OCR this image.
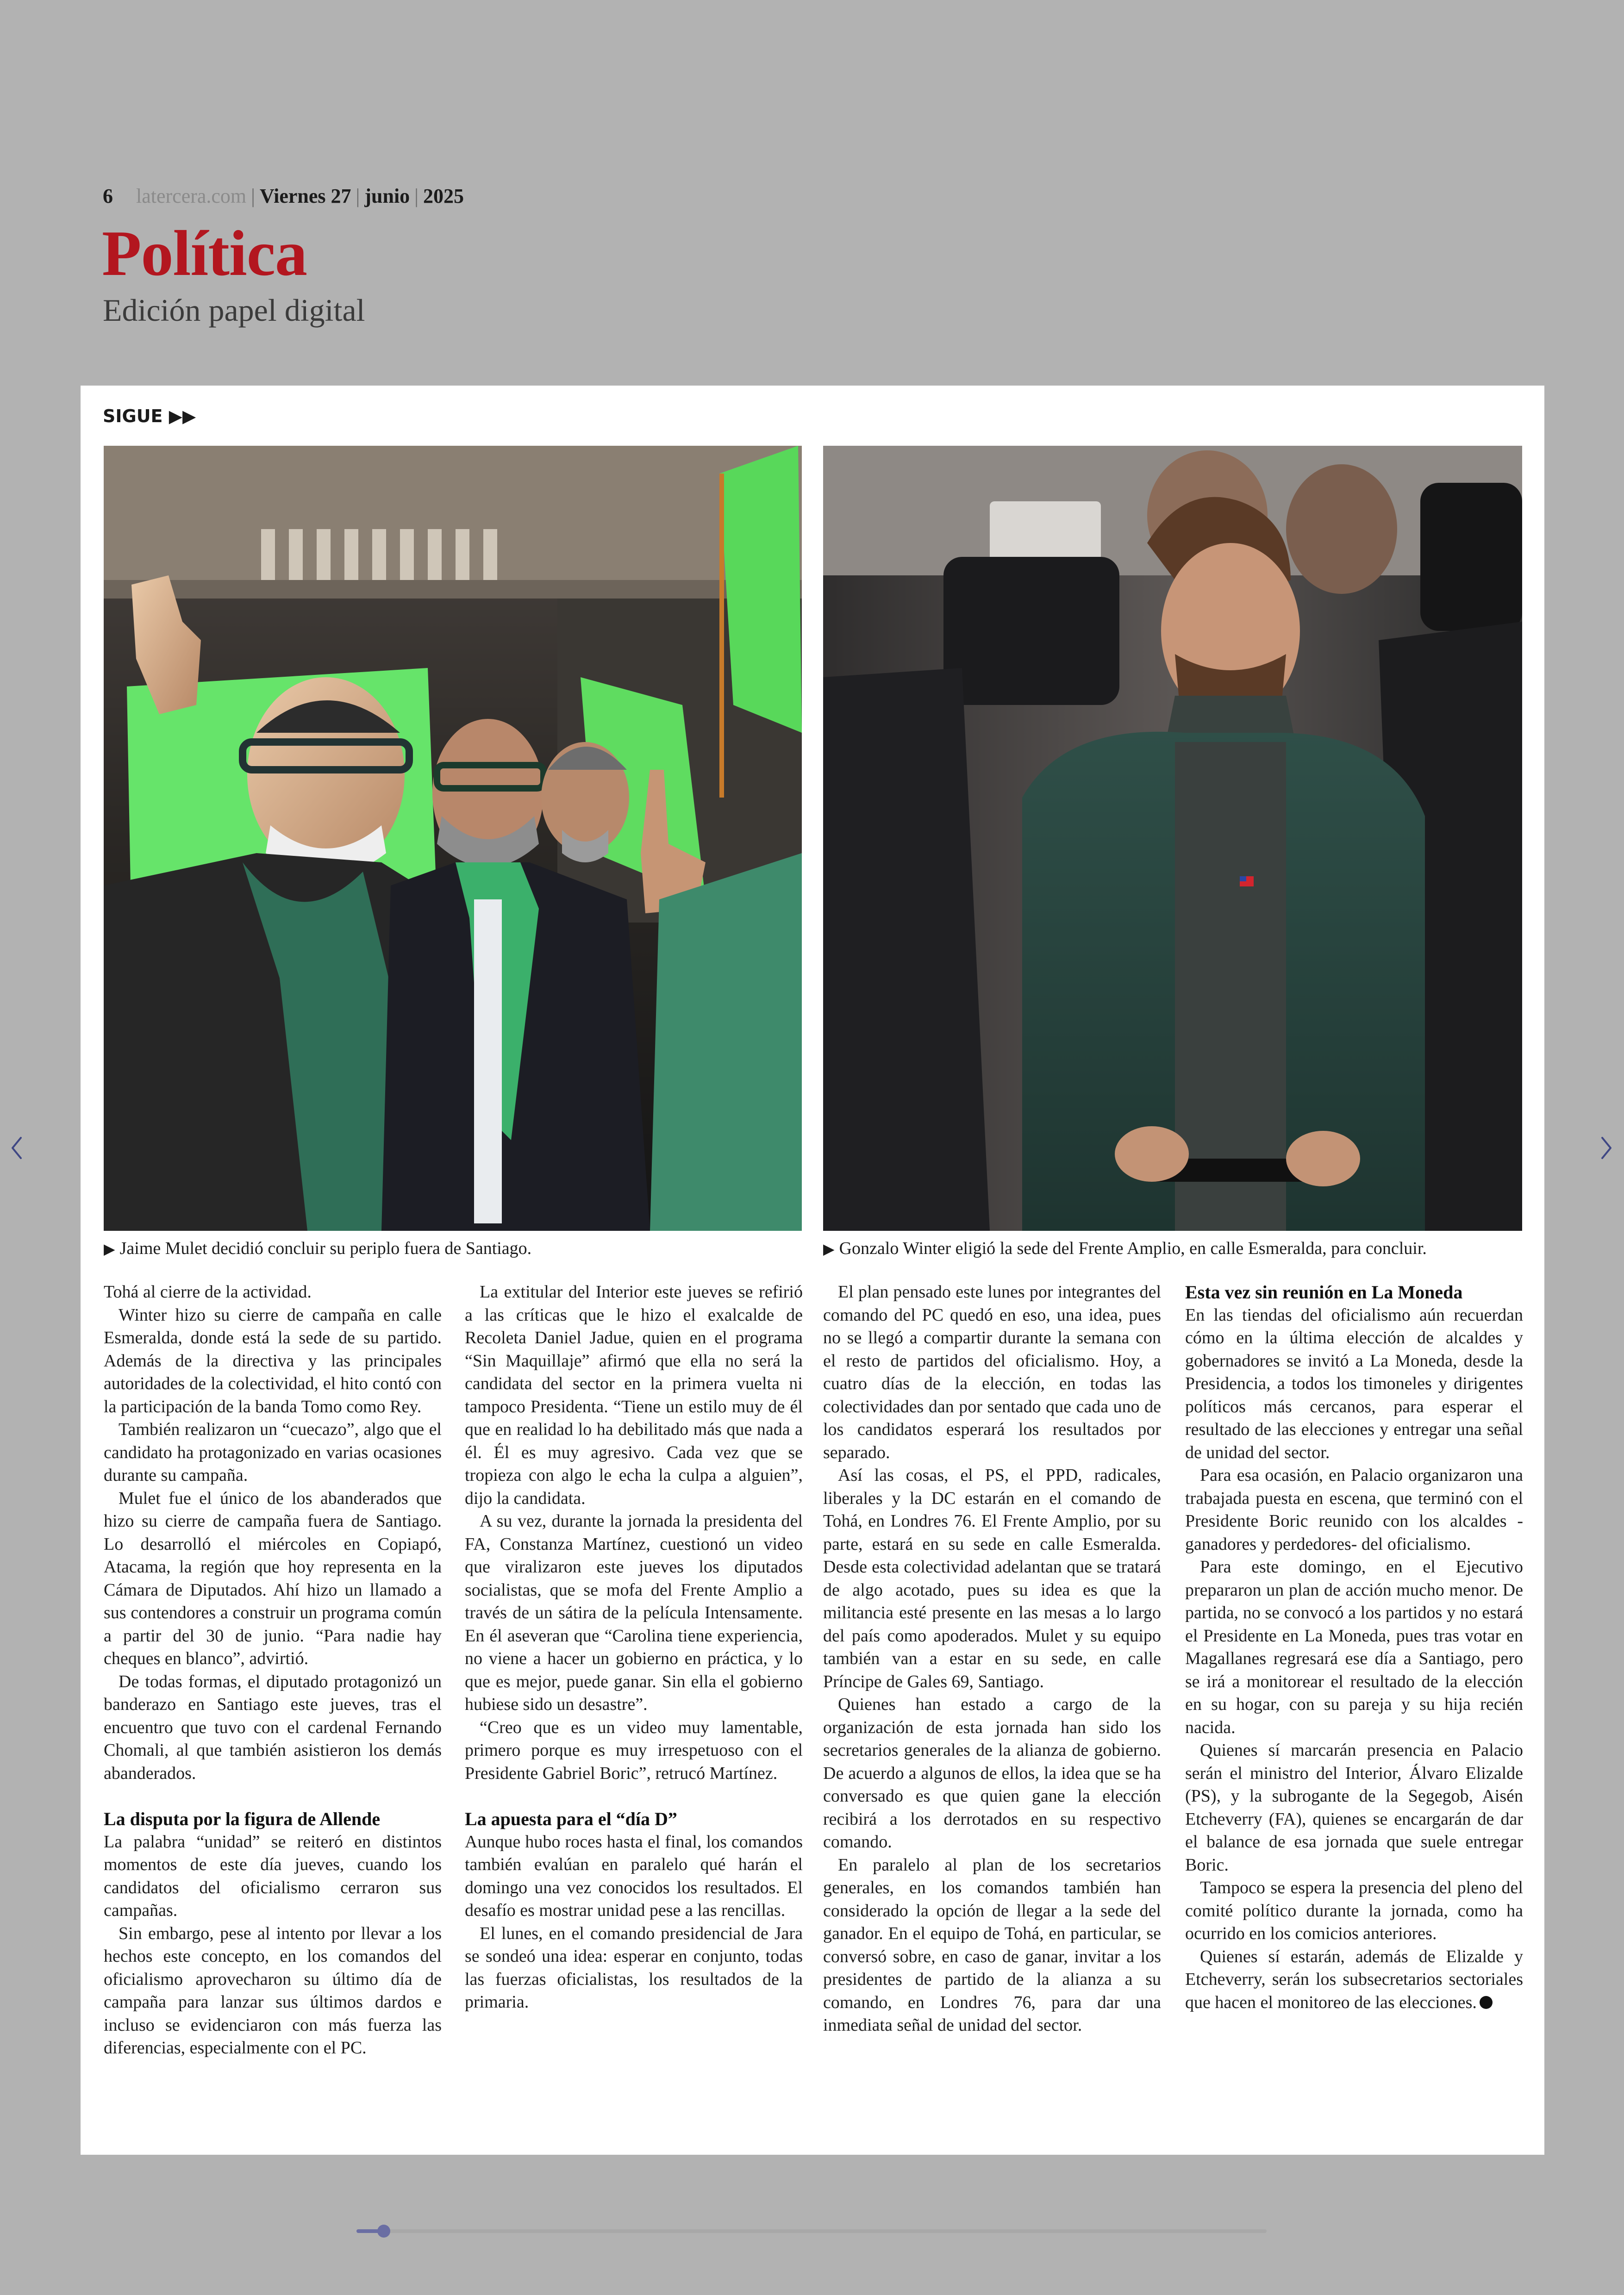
6 latercera.com | Viernes 27 | junio | 2025
Política
Edición papel digital
SIGUE ▶▶
▶ Jaime Mulet decidió concluir su periplo fuera de Santiago.	▶ Gonzalo Winter eligió la sede del Frente Amplio, en calle Esmeralda, para concluir.

Tohá al cierre de la actividad.

Winter hizo su cierre de campaña en calle Esmeralda, donde está la sede de su partido. Además de la directiva y las principales autoridades de la colectividad, el hito contó con la participación de la banda Tomo como Rey.

También realizaron un “cuecazo”, algo que el candidato ha protagonizado en varias ocasiones durante su campaña.

Mulet fue el único de los abanderados que hizo su cierre de campaña fuera de Santiago. Lo desarrolló el miércoles en Copiapó, Atacama, la región que hoy representa en la Cámara de Diputados. Ahí hizo un llamado a sus contendores a construir un programa común a partir del 30 de junio. “Para nadie hay cheques en blanco”, advirtió.

De todas formas, el diputado protagonizó un banderazo en Santiago este jueves, tras el encuentro que tuvo con el cardenal Fernando Chomali, al que también asistieron los demás abanderados.

La disputa por la figura de Allende

La palabra “unidad” se reiteró en distintos momentos de este día jueves, cuando los candidatos del oficialismo cerraron sus campañas.

Sin embargo, pese al intento por llevar a los hechos este concepto, en los comandos del oficialismo aprovecharon su último día de campaña para lanzar sus últimos dardos e incluso se evidenciaron con más fuerza las diferencias, especialmente con el PC.

La extitular del Interior este jueves se refirió a las críticas que le hizo el exalcalde de Recoleta Daniel Jadue, quien en el programa “Sin Maquillaje” afirmó que ella no será la candidata del sector en la primera vuelta ni tampoco Presidenta. “Tiene un estilo muy de él que en realidad lo ha debilitado más que nada a él. Él es muy agresivo. Cada vez que se tropieza con algo le echa la culpa a alguien”, dijo la candidata.

A su vez, durante la jornada la presidenta del FA, Constanza Martínez, cuestionó un video que viralizaron este jueves los diputados socialistas, que se mofa del Frente Amplio a través de un sátira de la película Intensamente. En él aseveran que “Carolina tiene experiencia, no viene a hacer un gobierno en práctica, y lo que es mejor, puede ganar. Sin ella el gobierno hubiese sido un desastre”.

“Creo que es un video muy lamentable, primero porque es muy irrespetuoso con el Presidente Gabriel Boric”, retrucó Martínez.

La apuesta para el “día D”

Aunque hubo roces hasta el final, los comandos también evalúan en paralelo qué harán el domingo una vez conocidos los resultados. El desafío es mostrar unidad pese a las rencillas.

El lunes, en el comando presidencial de Jara se sondeó una idea: esperar en conjunto, todas las fuerzas oficialistas, los resultados de la primaria.

El plan pensado este lunes por integrantes del comando del PC quedó en eso, una idea, pues no se llegó a compartir durante la semana con el resto de partidos del oficialismo. Hoy, a cuatro días de la elección, en todas las colectividades dan por sentado que cada uno de los candidatos esperará los resultados por separado.

Así las cosas, el PS, el PPD, radicales, liberales y la DC estarán en el comando de Tohá, en Londres 76. El Frente Amplio, por su parte, estará en su sede en calle Esmeralda. Desde esta colectividad adelantan que se tratará de algo acotado, pues su idea es que la militancia esté presente en las mesas a lo largo del país como apoderados. Mulet y su equipo también van a estar en su sede, en calle Príncipe de Gales 69, Santiago.

Quienes han estado a cargo de la organización de esta jornada han sido los secretarios generales de la alianza de gobierno. De acuerdo a algunos de ellos, la idea que se ha conversado es que quien gane la elección recibirá a los derrotados en su respectivo comando.

En paralelo al plan de los secretarios generales, en los comandos también han considerado la opción de llegar a la sede del ganador. En el equipo de Tohá, en particular, se conversó sobre, en caso de ganar, invitar a los presidentes de partido de la alianza a su comando, en Londres 76, para dar una inmediata señal de unidad del sector.

Esta vez sin reunión en La Moneda

En las tiendas del oficialismo aún recuerdan cómo en la última elección de alcaldes y gobernadores se invitó a La Moneda, desde la Presidencia, a todos los timoneles y dirigentes políticos más cercanos, para esperar el resultado de las elecciones y entregar una señal de unidad del sector.

Para esa ocasión, en Palacio organizaron una trabajada puesta en escena, que terminó con el Presidente Boric reunido con los alcaldes -ganadores y perdedores- del oficialismo.

Para este domingo, en el Ejecutivo prepararon un plan de acción mucho menor. De partida, no se convocó a los partidos y no estará el Presidente en La Moneda, pues tras votar en Magallanes regresará ese día a Santiago, pero se irá a monitorear el resultado de la elección en su hogar, con su pareja y su hija recién nacida.

Quienes sí marcarán presencia en Palacio serán el ministro del Interior, Álvaro Elizalde (PS), y la subrogante de la Segegob, Aisén Etcheverry (FA), quienes se encargarán de dar el balance de esa jornada que suele entregar Boric.

Tampoco se espera la presencia del pleno del comité político durante la jornada, como ha ocurrido en los comicios anteriores.

Quienes sí estarán, además de Elizalde y Etcheverry, serán los subsecretarios sectoriales que hacen el monitoreo de las elecciones.
